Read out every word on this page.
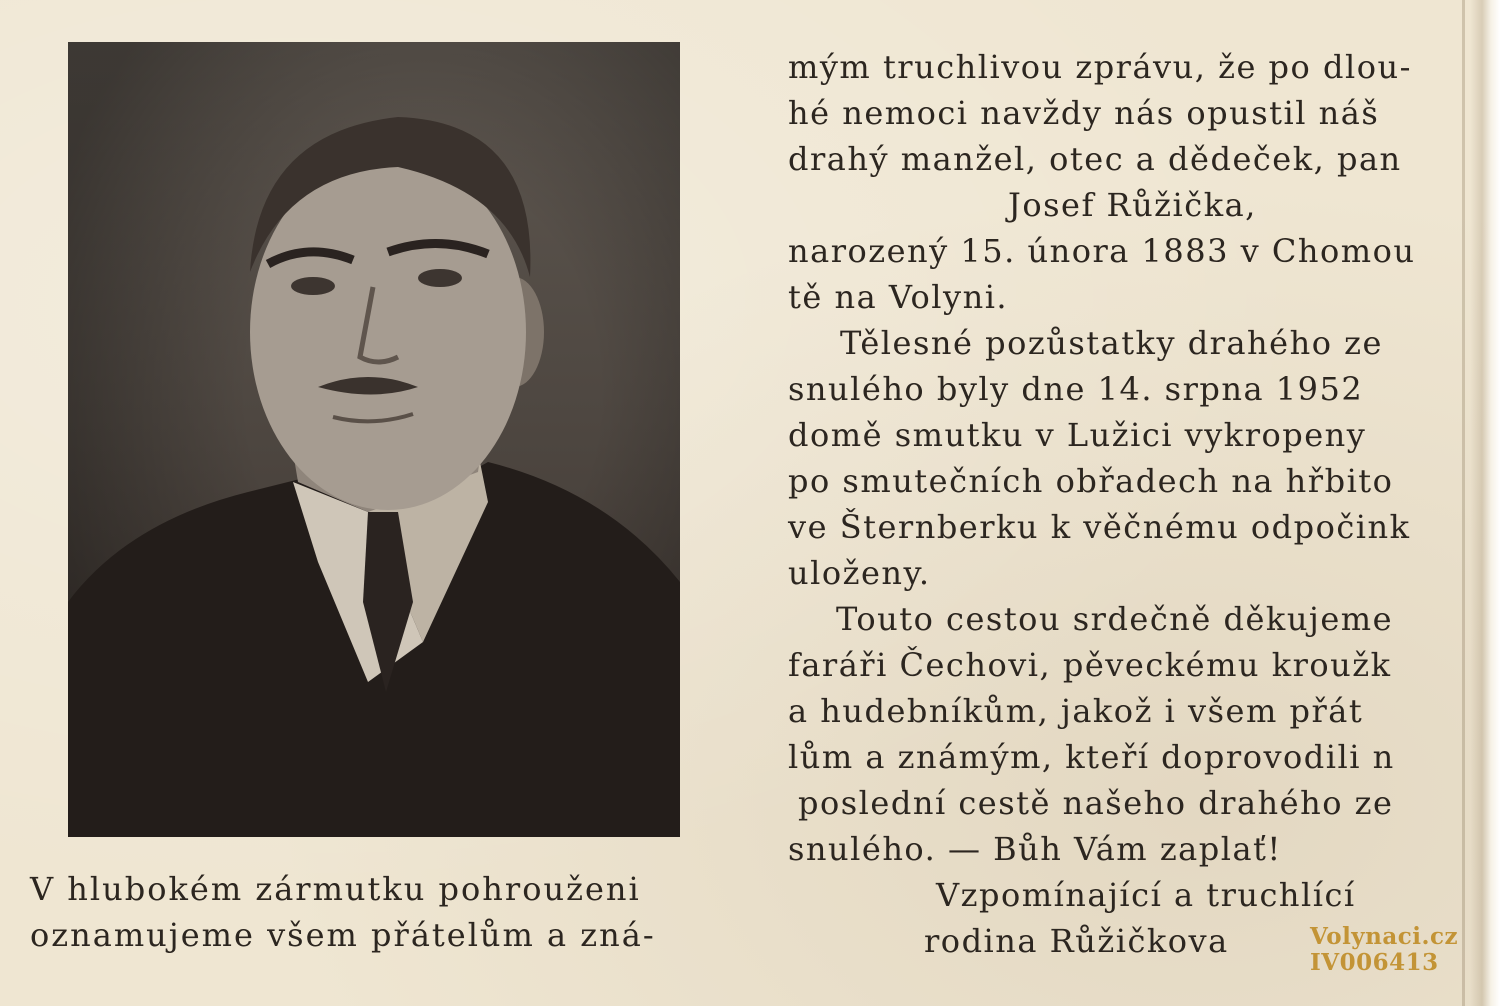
V hlubokém zármutku pohrouženi
oznamujeme všem přátelům a zná-
mým truchlivou zprávu, že po dlou-
hé nemoci navždy nás opustil náš
drahý manžel, otec a dědeček, pan
Josef Růžička,
narozený 15. února 1883 v Chomou
tě na Volyni.
Tělesné pozůstatky drahého ze
snulého byly dne 14. srpna 1952
domě smutku v Lužici vykropeny
po smutečních obřadech na hřbito
ve Šternberku k věčnému odpočink
uloženy.
Touto cestou srdečně děkujeme
faráři Čechovi, pěveckému kroužk
a hudebníkům, jakož i všem přát
lům a známým, kteří doprovodili n
poslední cestě našeho drahého ze
snulého. — Bůh Vám zaplať!
Vzpomínající a truchlící
rodina Růžičkova	Volynaci.cz
IV006413
